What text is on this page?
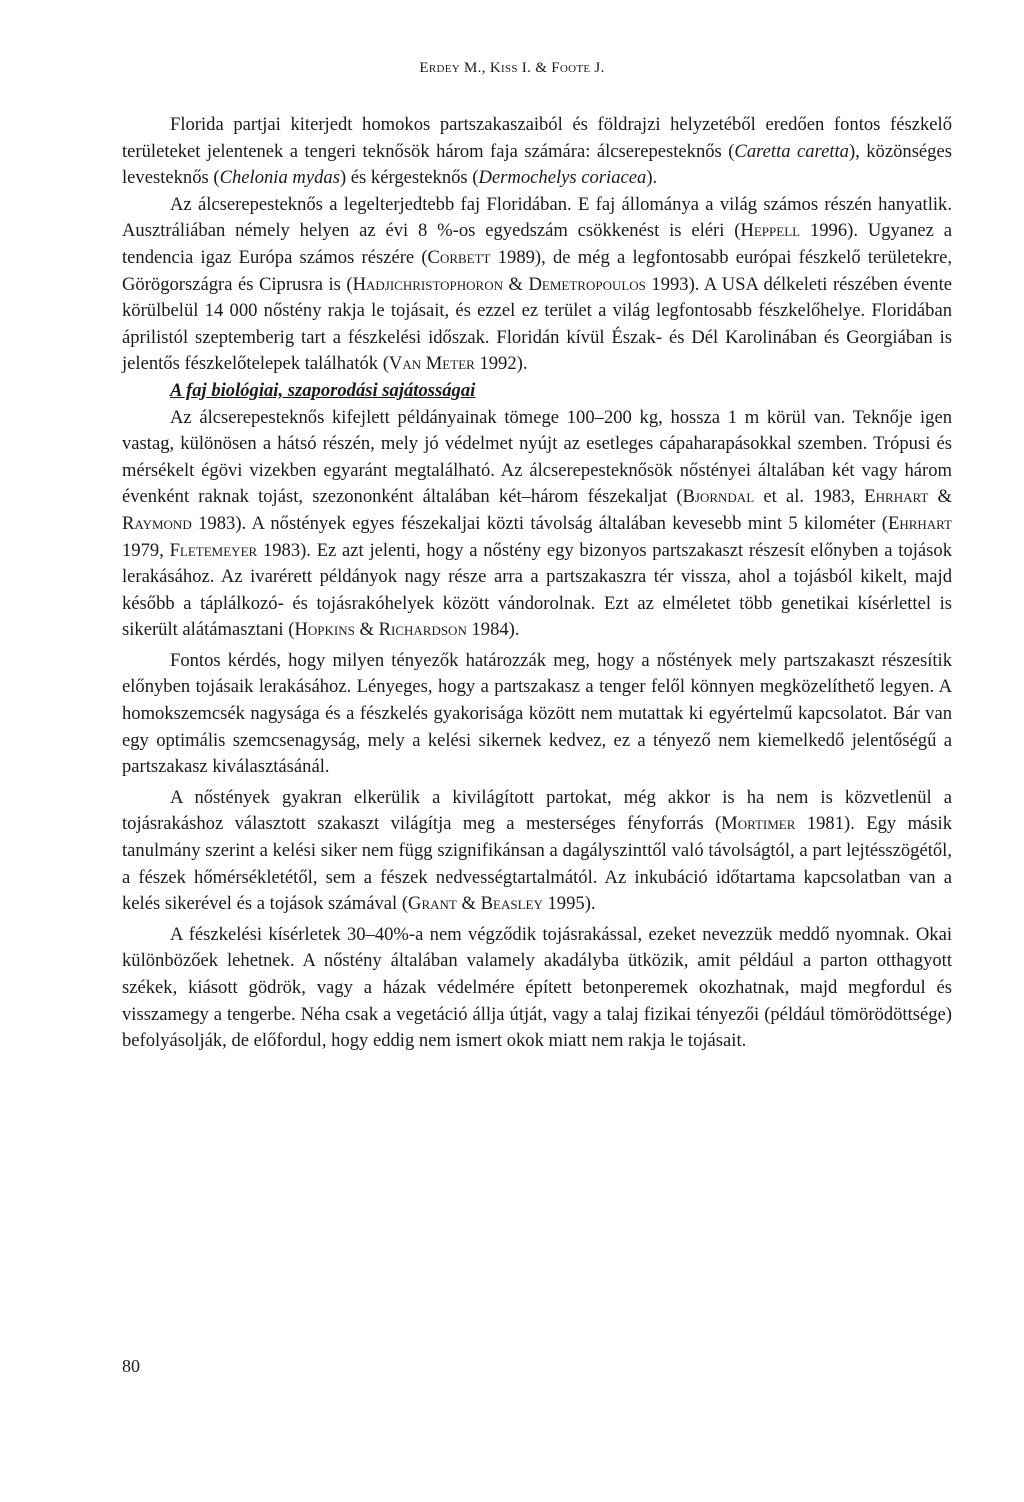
Erdey M., Kiss I. & Foote J.

Florida partjai kiterjedt homokos partszakaszaiból és földrajzi helyzetéből eredően fontos fészkelő területeket jelentenek a tengeri teknősök három faja számára: álcserepesteknős (Caretta caretta), közönséges levesteknős (Chelonia mydas) és kérgesteknős (Dermochelys coriacea).

Az álcserepesteknős a legelterjedtebb faj Floridában. E faj állománya a világ számos részén hanyatlik. Ausztráliában némely helyen az évi 8 %-os egyedszám csökkenést is eléri (Heppell 1996). Ugyanez a tendencia igaz Európa számos részére (Corbett 1989), de még a legfontosabb európai fészkelő területekre, Görögországra és Ciprusra is (Hadjichristophoron & Demetropoulos 1993). A USA délkeleti részében évente körülbelül 14 000 nőstény rakja le tojásait, és ezzel ez terület a világ legfontosabb fészkelőhelye. Floridában áprilistól szeptemberig tart a fészkelési időszak. Floridán kívül Észak- és Dél Karolinában és Georgiában is jelentős fészkelőtelepek találhatók (Van Meter 1992).

A faj biológiai, szaporodási sajátosságai

Az álcserepesteknős kifejlett példányainak tömege 100–200 kg, hossza 1 m körül van. Teknője igen vastag, különösen a hátsó részén, mely jó védelmet nyújt az esetleges cápaharapásokkal szemben. Trópusi és mérsékelt égövi vizekben egyaránt megtalálható. Az álcserepesteknősök nőstényei általában két vagy három évenként raknak tojást, szezononként általában két–három fészekaljat (Bjorndal et al. 1983, Ehrhart & Raymond 1983). A nőstények egyes fészekaljai közti távolság általában kevesebb mint 5 kilométer (Ehrhart 1979, Fletemeyer 1983). Ez azt jelenti, hogy a nőstény egy bizonyos partszakaszt részesít előnyben a tojások lerakásához. Az ivarérett példányok nagy része arra a partszakaszra tér vissza, ahol a tojásból kikelt, majd később a táplálkozó- és tojásrakóhelyek között vándorolnak. Ezt az elméletet több genetikai kísérlettel is sikerült alátámasztani (Hopkins & Richardson 1984).

Fontos kérdés, hogy milyen tényezők határozzák meg, hogy a nőstények mely partszakaszt részesítik előnyben tojásaik lerakásához. Lényeges, hogy a partszakasz a tenger felől könnyen megközelíthető legyen. A homokszemcsék nagysága és a fészkelés gyakorisága között nem mutattak ki egyértelmű kapcsolatot. Bár van egy optimális szemcsenagyság, mely a kelési sikernek kedvez, ez a tényező nem kiemelkedő jelentőségű a partszakasz kiválasztásánál.

A nőstények gyakran elkerülik a kivilágított partokat, még akkor is ha nem is közvetlenül a tojásrakáshoz választott szakaszt világítja meg a mesterséges fényforrás (Mortimer 1981). Egy másik tanulmány szerint a kelési siker nem függ szignifikánsan a dagályszinttől való távolságtól, a part lejtésszögétől, a fészek hőmérsékletétől, sem a fészek nedvességtartalmától. Az inkubáció időtartama kapcsolatban van a kelés sikerével és a tojások számával (Grant & Beasley 1995).

A fészkelési kísérletek 30–40%-a nem végződik tojásrakással, ezeket nevezzük meddő nyomnak. Okai különbözőek lehetnek. A nőstény általában valamely akadályba ütközik, amit például a parton otthagyott székek, kiásott gödrök, vagy a házak védelmére épített betonperemek okozhatnak, majd megfordul és visszamegy a tengerbe. Néha csak a vegetáció állja útját, vagy a talaj fizikai tényezői (például tömörödöttsége) befolyásolják, de előfordul, hogy eddig nem ismert okok miatt nem rakja le tojásait.

80
